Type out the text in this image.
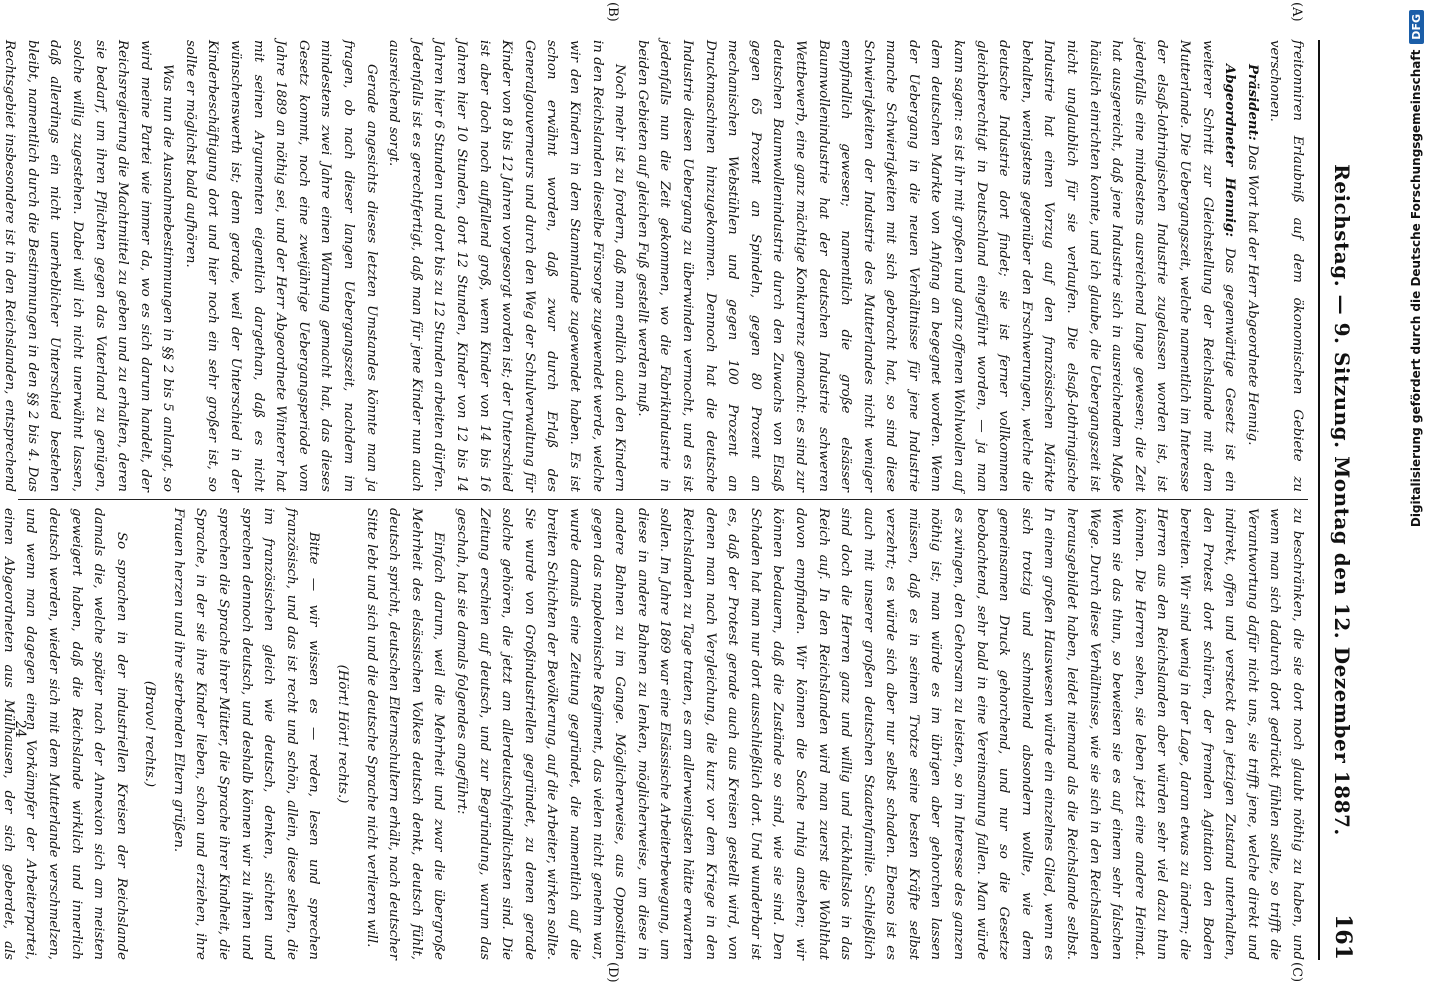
Reichstag. — 9. Sitzung. Montag den 12. Dezember 1887.
161
(A)
(B)
(C)
(D)

freitonniren Erlaubniß auf dem ökonomischen Gebiete zu verschonen.

Präsident: Das Wort hat der Herr Abgeordnete Hennig.

Abgeordneter Hennig: Das gegenwärtige Gesetz ist ein weiterer Schritt zur Gleichstellung der Reichslande mit dem Mutterlande. Die Uebergangszeit, welche namentlich im Interesse der elsaß-lothringischen Industrie zugelassen worden ist, ist jedenfalls eine mindestens ausreichend lange gewesen; die Zeit hat ausgereicht, daß jene Industrie sich in ausreichendem Maße häuslich einrichten konnte, und ich glaube, die Uebergangszeit ist nicht unglaublich für sie verlaufen. Die elsaß-lothringische Industrie hat einen Vorzug auf den französischen Märkte behalten, wenigstens gegenüber den Erschwerungen, welche die deutsche Industrie dort findet; sie ist ferner vollkommen gleichberechtigt in Deutschland eingeführt worden, — ja man kann sagen: es ist ihr mit großen und ganz offenen Wohlwollen auf dem deutschen Markte von Anfang an begegnet worden. Wenn der Uebergang in die neuen Verhältnisse für jene Industrie manche Schwierigkeiten mit sich gebracht hat, so sind diese Schwierigkeiten der Industrie des Mutterlandes nicht weniger empfindlich gewesen; namentlich die große elsässer Baumwollenindustrie hat der deutschen Industrie schweren Wettbewerb, eine ganz mächtige Konkurrenz gemacht: es sind zur deutschen Baumwollenindustrie durch den Zuwachs von Elsaß gegen 65 Prozent an Spindeln, gegen 80 Prozent an mechanischen Webstühlen und gegen 100 Prozent an Druckmaschinen hinzugekommen. Dennoch hat die deutsche Industrie diesen Uebergang zu überwinden vermocht, und es ist jedenfalls nun die Zeit gekommen, wo die Fabrikindustrie in beiden Gebieten auf gleichen Fuß gestellt werden muß.

Noch mehr ist zu fordern, daß man endlich auch den Kindern in den Reichslanden dieselbe Fürsorge zugewendet werde, welche wir den Kindern in dem Stammlande zugewendet haben. Es ist schon erwähnt worden, daß zwar durch Erlaß des Generalgouverneurs und durch den Weg der Schulverwaltung für Kinder von 8 bis 12 Jahren vorgesorgt worden ist; der Unterschied ist aber doch noch auffallend groß, wenn Kinder von 14 bis 16 Jahren hier 10 Stunden, dort 12 Stunden, Kinder von 12 bis 14 Jahren hier 6 Stunden und dort bis zu 12 Stunden arbeiten dürfen. Jedenfalls ist es gerechtfertigt, daß man für jene Kinder nun auch ausreichend sorgt.

Gerade angesichts dieses letzten Umstandes könnte man ja fragen, ob nach dieser langen Uebergangszeit, nachdem im mindestens zwei Jahre einen Warnung gemacht hat, das dieses Gesetz kommt, noch eine zweijährige Uebergangsperiode vom Jahre 1889 an nöthig sei, und der Herr Abgeordnete Winterer hat mit seinen Argumenten eigentlich dargethan, daß es nicht wünschenswerth ist; denn gerade, weil der Unterschied in der Kinderbeschäftigung dort und hier noch ein sehr großer ist, so sollte er möglichst bald aufhören.

Was nun die Ausnahmebestimmungen in §§ 2 bis 5 anlangt, so wird meine Partei wie immer da, wo es sich darum handelt, der Reichsregierung die Machtmittel zu geben und zu erhalten, deren sie bedarf, um ihren Pflichten gegen das Vaterland zu genügen, solche willig zugestehen. Dabei will ich nicht unerwähnt lassen, daß allerdings ein nicht unerheblicher Unterschied bestehen bleibt, namentlich durch die Bestimmungen in den §§ 2 bis 4. Das Rechtsgebiet insbesondere ist in den Reichslanden, entsprechend

zu beschränken, die sie dort noch glaubt nöthig zu haben, und wenn man sich dadurch dort gedrückt fühlen sollte, so trifft die Verantwortung dafür nicht uns, sie trifft jene, welche direkt und indirekt, offen und versteckt den jetzigen Zustand unterhalten, den Protest dort schüren, der fremden Agitation den Boden bereiten. Wir sind wenig in der Lage, daran etwas zu ändern; die Herren aus den Reichslanden aber würden sehr viel dazu thun können. Die Herren sehen, sie leben jetzt eine andere Heimat. Wenn sie das thun, so beweisen sie es auf einem sehr falschen Wege. Durch diese Verhältnisse, wie sie sich in den Reichslanden herausgebildet haben, leidet niemand als die Reichslande selbst. In einem großen Hauswesen würde ein einzelnes Glied, wenn es sich trotzig und schmollend absondern wollte, wie dem gemeinsamen Druck gehorchend, und nur so die Gesetze beobachtend, sehr bald in eine Vereinsamung fallen. Man würde es zwingen, den Gehorsam zu leisten, so im Interesse des ganzen nöthig ist; man würde es im übrigen aber gehorchen lassen müssen, daß es in seinem Trotze seine besten Kräfte selbst verzehrt; es würde sich aber nur selbst schaden. Ebenso ist es auch mit unserer großen deutschen Staatenfamilie. Schließlich sind doch die Herren ganz und willig und rückhaltslos in das Reich auf. In den Reichslanden wird man zuerst die Wohlthat davon empfinden. Wir können die Sache ruhig ansehen; wir können bedauern, daß die Zustände so sind, wie sie sind. Den Schaden hat man nur dort ausschließlich dort. Und wunderbar ist es, daß der Protest gerade auch aus Kreisen gestellt wird, von denen man nach Vergleichung, die kurz vor dem Kriege in den Reichslanden zu Tage traten, es am allerwenigsten hätte erwarten sollen. Im Jahre 1869 war eine Elsässische Arbeiterbewegung, um diese in andere Bahnen zu lenken, möglicherweise, um diese in andere Bahnen zu im Gange. Möglicherweise, aus Opposition gegen das napoleonische Regiment, das vielen nicht genehm war, wurde damals eine Zeitung gegründet, die namentlich auf die breiten Schichten der Bevölkerung, auf die Arbeiter, wirken sollte. Sie wurde von Großindustriellen gegründet, zu denen gerade solche gehören, die jetzt am allerdeutschfeindlichsten sind. Die Zeitung erschien auf deutsch, und zur Begründung, warum das geschah, hat sie damals folgendes angeführt:

Einfach darum, weil die Mehrheit und zwar die übergroße Mehrheit des elsässischen Volkes deutsch denkt, deutsch fühlt, deutsch spricht, deutschen Elternschultern erhält, nach deutscher Sitte lebt und sich und die deutsche Sprache nicht verlieren will.

(Hört! Hört! rechts.)

Bitte — wir wissen es — reden, lesen und sprechen französisch, und das ist recht und schön, allein, diese selten, die im französischen gleich wie deutsch, denken, sichten und sprechen dennoch deutsch, und deshalb können wir zu ihnen und sprechen die Sprache ihrer Mütter, die Sprache ihrer Kindheit, die Sprache, in der sie ihre Kinder lieben, schon und erziehen, ihre Frauen herzen und ihre sterbenden Eltern grüßen.

(Bravo! rechts.)

So sprachen in der industriellen Kreisen der Reichslande damals die, welche später nach der Annexion sich am meisten geweigert haben, daß die Reichslande wirklich und innerlich deutsch werden, wieder sich mit dem Mutterlande verschmelzen, und wenn man dagegen einen Vorkämpfer der Arbeiterpartei, einen Abgeordneten aus Mülhausen, der sich geberdet, als

24
Digitalisierung gefördert durch die Deutsche Forschungsgemeinschaft
DFG
